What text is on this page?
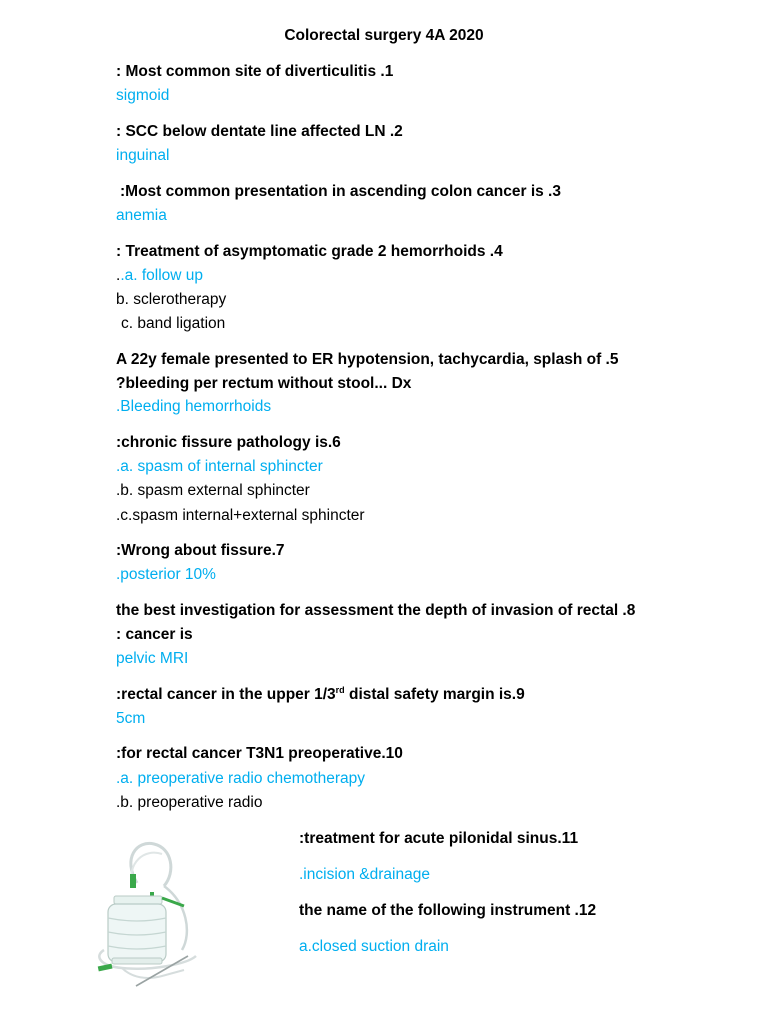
Colorectal surgery 4A 2020
: Most common site of diverticulitis .1
sigmoid
: SCC below dentate line affected LN .2
inguinal
:Most common presentation in ascending colon cancer is .3
anemia
: Treatment of asymptomatic grade 2 hemorrhoids .4
..a. follow up
b. sclerotherapy
c. band ligation
A 22y female presented to ER hypotension, tachycardia, splash of .5
?bleeding per rectum without stool... Dx
.Bleeding hemorrhoids
:chronic fissure pathology is.6
.a. spasm of internal sphincter
.b. spasm external sphincter
.c.spasm internal+external sphincter
:Wrong about fissure.7
.posterior 10%
the best investigation for assessment the depth of invasion of rectal .8
: cancer is
pelvic MRI
:rectal cancer in the upper 1/3rd distal safety margin is.9
5cm
:for rectal cancer T3N1 preoperative.10
.a. preoperative radio chemotherapy
.b. preoperative radio
:treatment for acute pilonidal sinus.11
.incision &drainage
the name of the following instrument .12
a.closed suction drain
